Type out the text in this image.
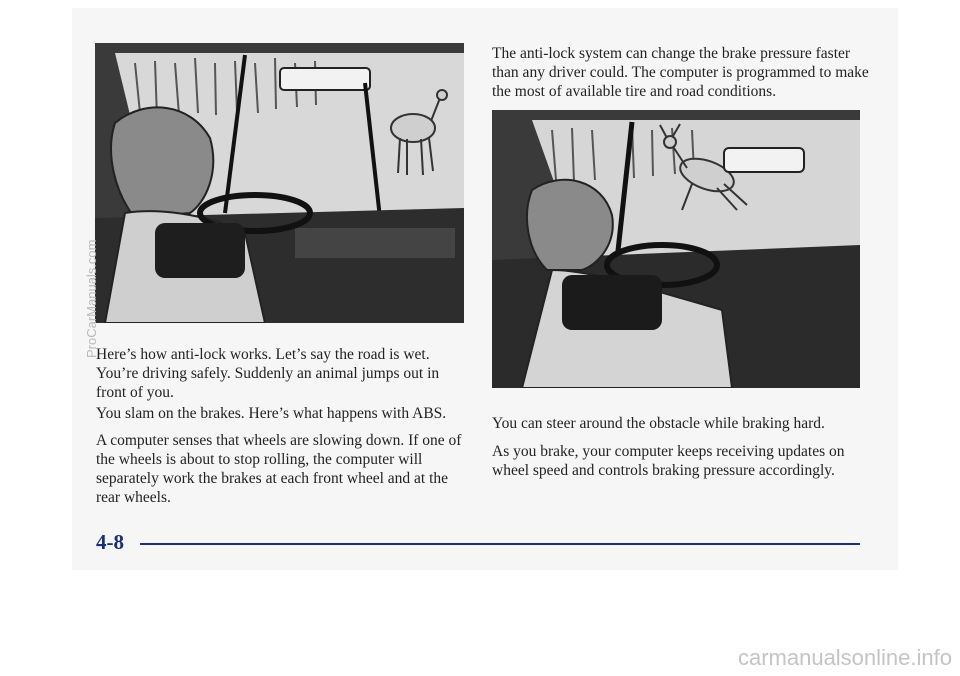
The anti-lock system can change the brake pressure faster than any driver could. The computer is programmed to make the most of available tire and road conditions.

Here’s how anti-lock works. Let’s say the road is wet. You’re driving safely. Suddenly an animal jumps out in front of you.

You slam on the brakes. Here’s what happens with ABS.

A computer senses that wheels are slowing down. If one of the wheels is about to stop rolling, the computer will separately work the brakes at each front wheel and at the rear wheels.

You can steer around the obstacle while braking hard.

As you brake, your computer keeps receiving updates on wheel speed and controls braking pressure accordingly.

4-8
ProCarManuals.com
carmanualsonline.info
